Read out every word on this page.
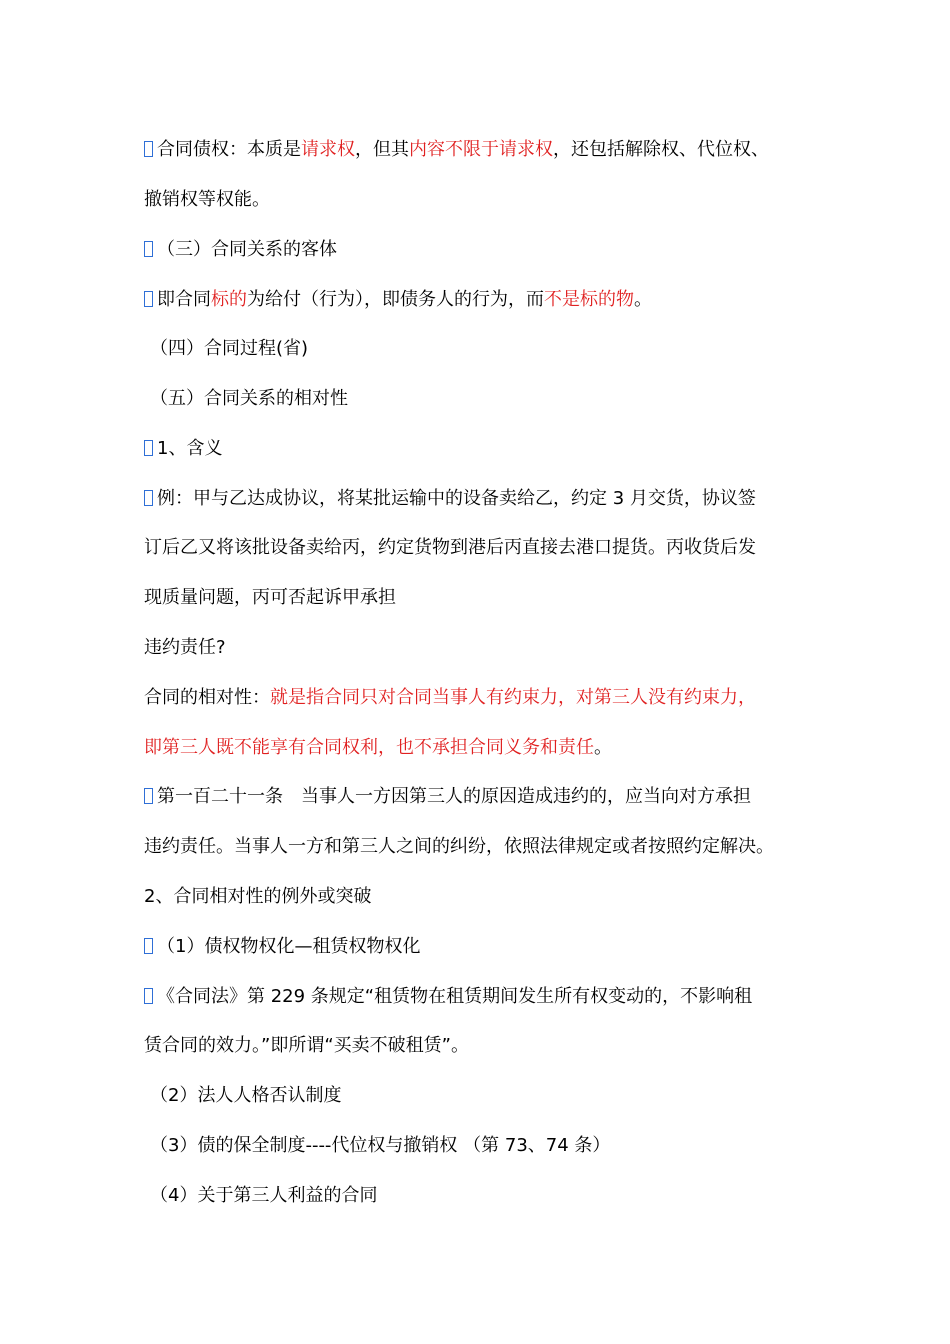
合同债权：本质是请求权，但其内容不限于请求权，还包括解除权、代位权、
撤销权等权能。
（三）合同关系的客体
即合同标的为给付（行为），即债务人的行为，而不是标的物。
（四）合同过程(省)
（五）合同关系的相对性
1、含义
例：甲与乙达成协议，将某批运输中的设备卖给乙，约定 3 月交货，协议签
订后乙又将该批设备卖给丙，约定货物到港后丙直接去港口提货。丙收货后发
现质量问题，丙可否起诉甲承担
违约责任?
合同的相对性：就是指合同只对合同当事人有约束力，对第三人没有约束力，
即第三人既不能享有合同权利，也不承担合同义务和责任。
第一百二十一条　当事人一方因第三人的原因造成违约的，应当向对方承担
违约责任。当事人一方和第三人之间的纠纷，依照法律规定或者按照约定解决。
2、合同相对性的例外或突破
（1）债权物权化—租赁权物权化
《合同法》第 229 条规定“租赁物在租赁期间发生所有权变动的，不影响租
赁合同的效力。”即所谓“买卖不破租赁”。
（2）法人人格否认制度
（3）债的保全制度----代位权与撤销权 （第 73、74 条）
（4）关于第三人利益的合同
